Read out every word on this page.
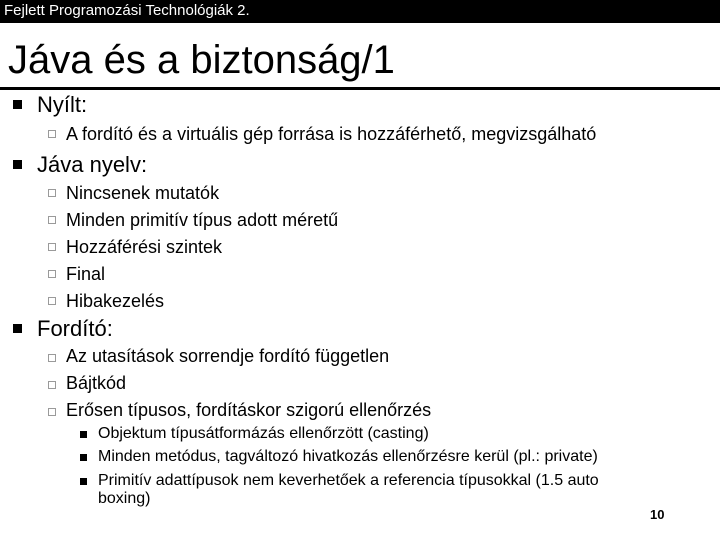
Fejlett Programozási Technológiák 2.
Jáva és a biztonság/1
Nyílt:
A fordító és a virtuális gép forrása is hozzáférhető, megvizsgálható
Jáva nyelv:
Nincsenek mutatók
Minden primitív típus adott méretű
Hozzáférési szintek
Final
Hibakezelés
Fordító:
Az utasítások sorrendje fordító független
Bájtkód
Erősen típusos, fordításkor szigorú ellenőrzés
Objektum típusátformázás ellenőrzött (casting)
Minden metódus, tagváltozó hivatkozás ellenőrzésre kerül (pl.: private)
Primitív adattípusok nem keverhetőek a referencia típusokkal (1.5 auto
boxing)
10
